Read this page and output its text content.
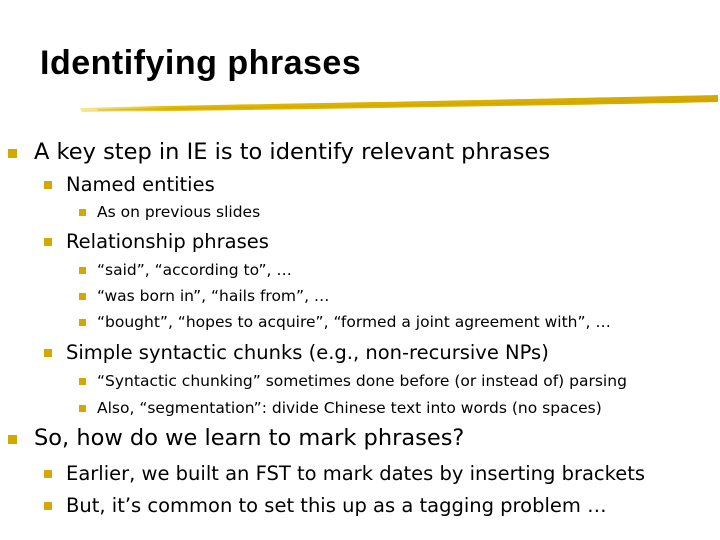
Identifying phrases
A key step in IE is to identify relevant phrases
Named entities
As on previous slides
Relationship phrases
“said”, “according to”, …
“was born in”, “hails from”, …
“bought”, “hopes to acquire”, “formed a joint agreement with”, …
Simple syntactic chunks (e.g., non-recursive NPs)
“Syntactic chunking” sometimes done before (or instead of) parsing
Also, “segmentation”: divide Chinese text into words (no spaces)
So, how do we learn to mark phrases?
Earlier, we built an FST to mark dates by inserting brackets
But, it’s common to set this up as a tagging problem …
